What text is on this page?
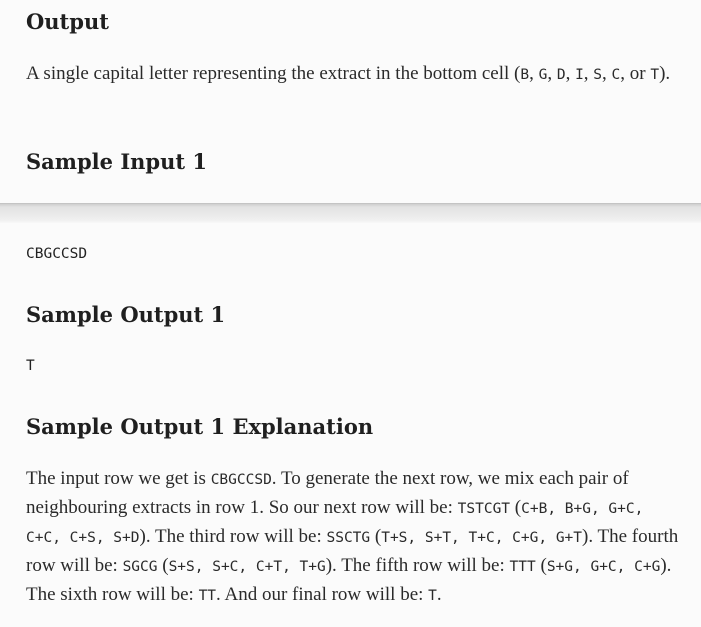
Output

A single capital letter representing the extract in the bottom cell (B, G, D, I, S, C, or T).

Sample Input 1
CBGCCSD
Sample Output 1
T
Sample Output 1 Explanation

The input row we get is CBGCCSD. To generate the next row, we mix each pair of neighbouring extracts in row 1. So our next row will be: TSTCGT (C+B, B+G, G+C, C+C, C+S, S+D). The third row will be: SSCTG (T+S, S+T, T+C, C+G, G+T). The fourth row will be: SGCG (S+S, S+C, C+T, T+G). The fifth row will be: TTT (S+G, G+C, C+G). The sixth row will be: TT. And our final row will be: T.
